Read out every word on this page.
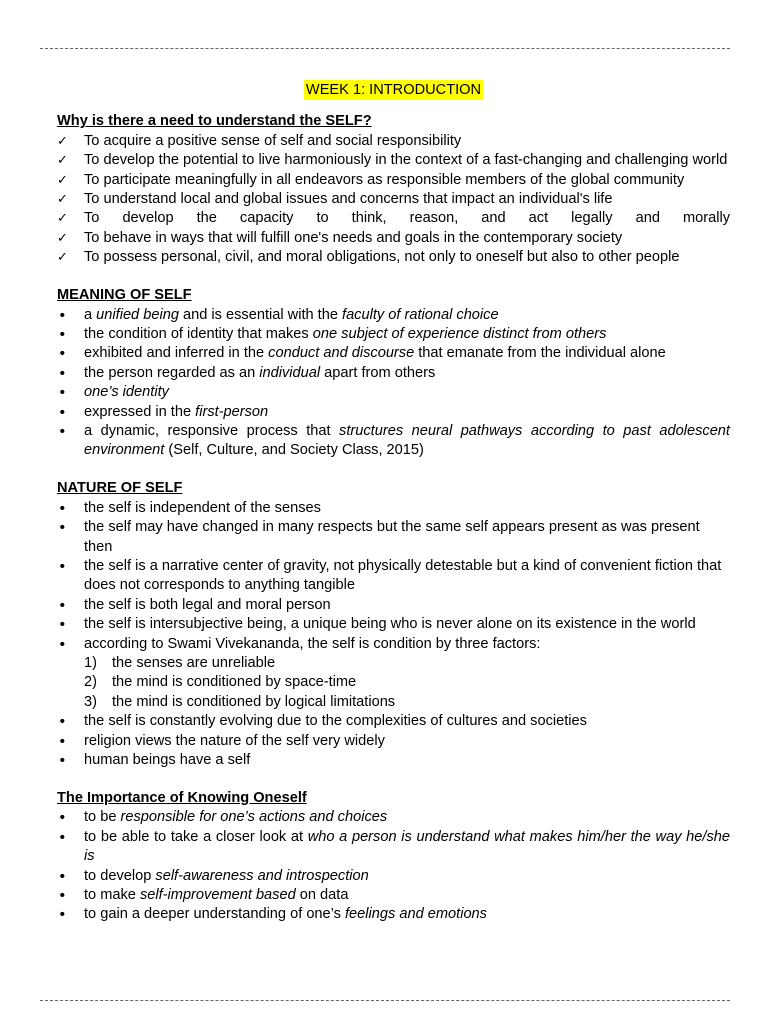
WEEK 1: INTRODUCTION

Why is there a need to understand the SELF?

✓ To acquire a positive sense of self and social responsibility
✓ To develop the potential to live harmoniously in the context of a fast-changing and challenging world
✓ To participate meaningfully in all endeavors as responsible members of the global community
✓ To understand local and global issues and concerns that impact an individual's life
✓ To develop the capacity to think, reason, and act legally and morally
✓ To behave in ways that will fulfill one's needs and goals in the contemporary society
✓ To possess personal, civil, and moral obligations, not only to oneself but also to other people

MEANING OF SELF

• a unified being and is essential with the faculty of rational choice
• the condition of identity that makes one subject of experience distinct from others
• exhibited and inferred in the conduct and discourse that emanate from the individual alone
• the person regarded as an individual apart from others
• one’s identity
• expressed in the first-person
• a dynamic, responsive process that structures neural pathways according to past adolescent environment (Self, Culture, and Society Class, 2015)

NATURE OF SELF

• the self is independent of the senses
• the self may have changed in many respects but the same self appears present as was present then
• the self is a narrative center of gravity, not physically detestable but a kind of convenient fiction that does not corresponds to anything tangible
• the self is both legal and moral person
• the self is intersubjective being, a unique being who is never alone on its existence in the world
• according to Swami Vivekananda, the self is condition by three factors:
1) the senses are unreliable
2) the mind is conditioned by space-time
3) the mind is conditioned by logical limitations
• the self is constantly evolving due to the complexities of cultures and societies
• religion views the nature of the self very widely
• human beings have a self

The Importance of Knowing Oneself

• to be responsible for one’s actions and choices
• to be able to take a closer look at who a person is understand what makes him/her the way he/she is
• to develop self-awareness and introspection
• to make self-improvement based on data
• to gain a deeper understanding of one’s feelings and emotions
